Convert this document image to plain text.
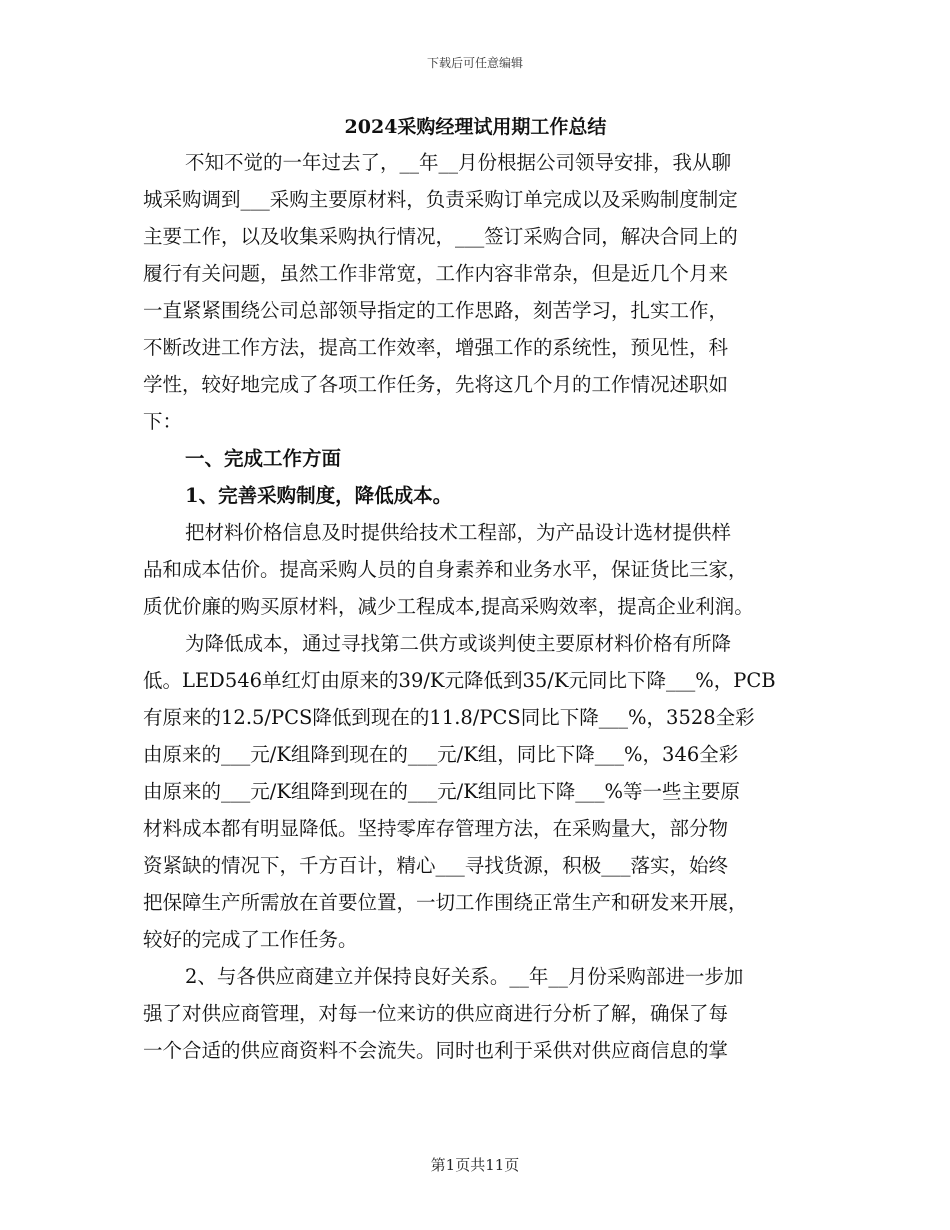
下载后可任意编辑
2024采购经理试用期工作总结

不知不觉的一年过去了，__年__月份根据公司领导安排，我从聊

城采购调到___采购主要原材料，负责采购订单完成以及采购制度制定

主要工作，以及收集采购执行情况，___签订采购合同，解决合同上的

履行有关问题，虽然工作非常宽，工作内容非常杂，但是近几个月来

一直紧紧围绕公司总部领导指定的工作思路，刻苦学习，扎实工作，

不断改进工作方法，提高工作效率，增强工作的系统性，预见性，科

学性，较好地完成了各项工作任务，先将这几个月的工作情况述职如

下：

一、完成工作方面

1、完善采购制度，降低成本。

把材料价格信息及时提供给技术工程部，为产品设计选材提供样

品和成本估价。提高采购人员的自身素养和业务水平，保证货比三家，

质优价廉的购买原材料，减少工程成本,提高采购效率，提高企业利润。

为降低成本，通过寻找第二供方或谈判使主要原材料价格有所降

低。LED546单红灯由原来的39/K元降低到35/K元同比下降___%，PCB

有原来的12.5/PCS降低到现在的11.8/PCS同比下降___%，3528全彩

由原来的___元/K组降到现在的___元/K组，同比下降___%，346全彩

由原来的___元/K组降到现在的___元/K组同比下降___%等一些主要原

材料成本都有明显降低。坚持零库存管理方法，在采购量大，部分物

资紧缺的情况下，千方百计，精心___寻找货源，积极___落实，始终

把保障生产所需放在首要位置，一切工作围绕正常生产和研发来开展，

较好的完成了工作任务。

2、与各供应商建立并保持良好关系。__年__月份采购部进一步加

强了对供应商管理，对每一位来访的供应商进行分析了解，确保了每

一个合适的供应商资料不会流失。同时也利于采供对供应商信息的掌

第1页共11页
